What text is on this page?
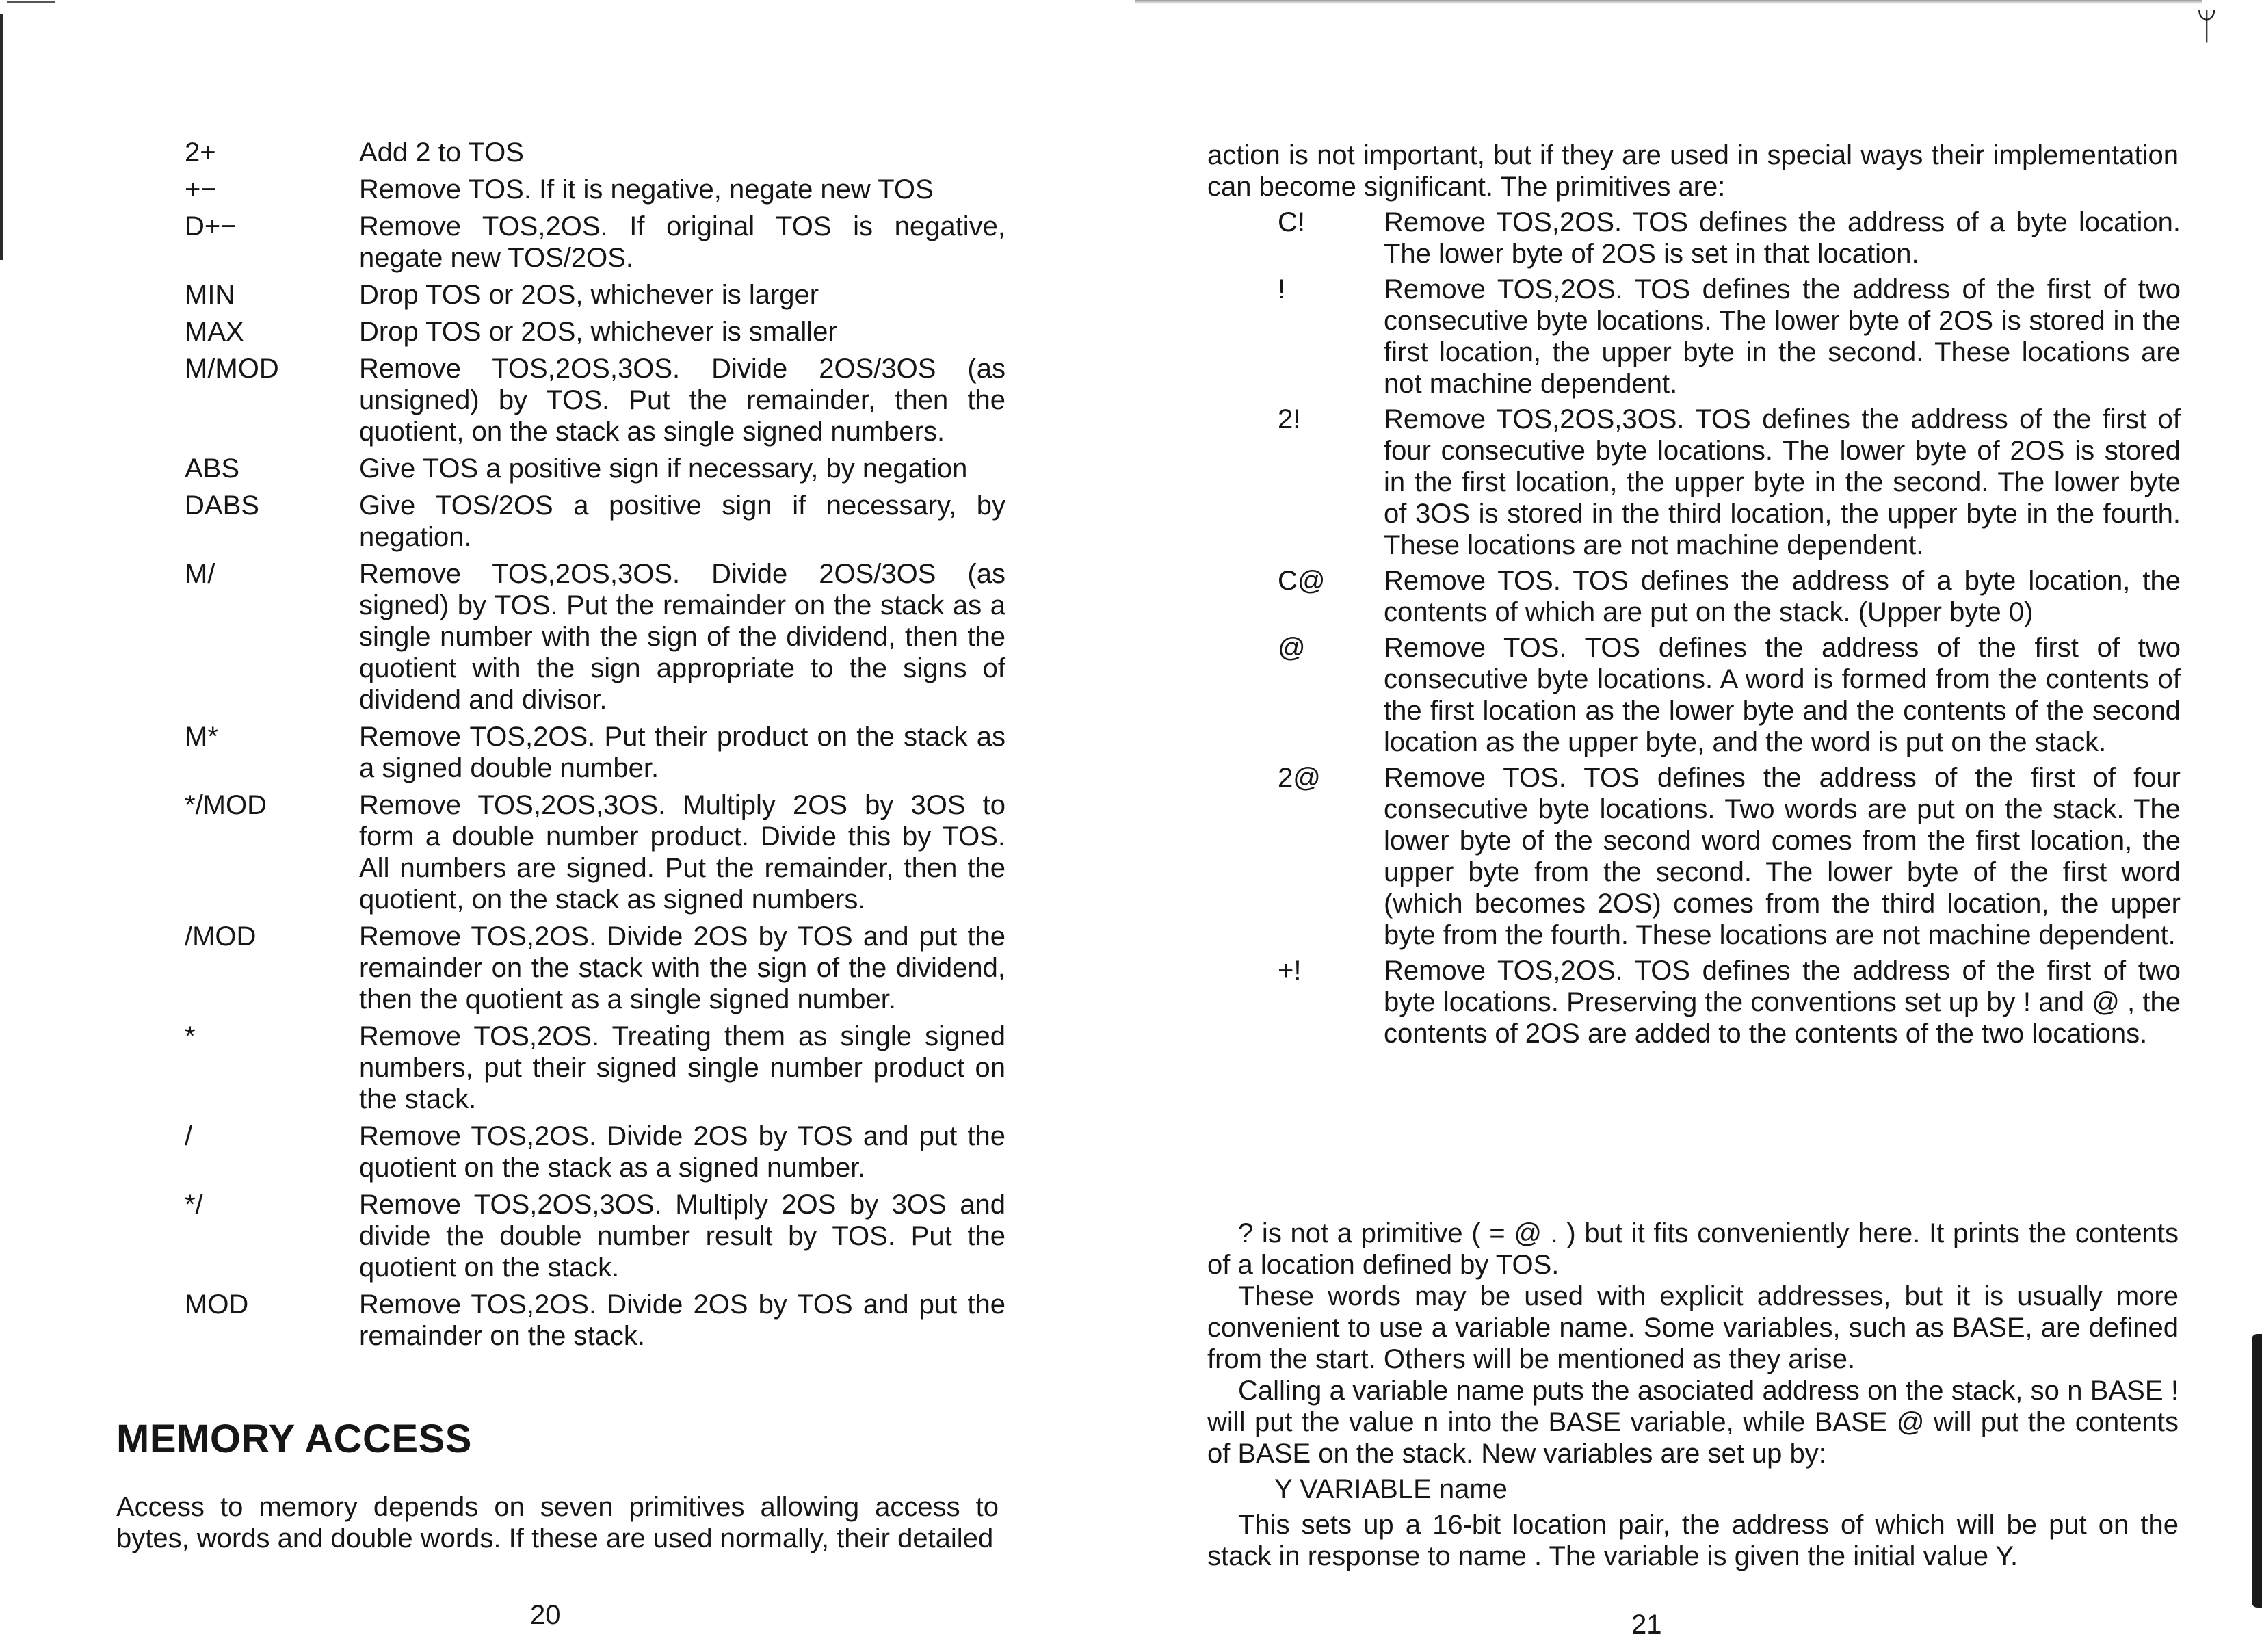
ᛘ
2+	Add 2 to TOS
+−	Remove TOS. If it is negative, negate new TOS
D+−	Remove TOS,2OS. If original TOS is negative, negate new TOS/2OS.
MIN	Drop TOS or 2OS, whichever is larger
MAX	Drop TOS or 2OS, whichever is smaller
M/MOD	Remove TOS,2OS,3OS. Divide 2OS/3OS (as unsigned) by TOS. Put the remainder, then the quotient, on the stack as single signed numbers.
ABS	Give TOS a positive sign if necessary, by negation
DABS	Give TOS/2OS a positive sign if necessary, by negation.
M/	Remove TOS,2OS,3OS. Divide 2OS/3OS (as signed) by TOS. Put the remainder on the stack as a single number with the sign of the dividend, then the quotient with the sign appropriate to the signs of dividend and divisor.
M*	Remove TOS,2OS. Put their product on the stack as a signed double number.
*/MOD	Remove TOS,2OS,3OS. Multiply 2OS by 3OS to form a double number product. Divide this by TOS. All numbers are signed. Put the remainder, then the quotient, on the stack as signed numbers.
/MOD	Remove TOS,2OS. Divide 2OS by TOS and put the remainder on the stack with the sign of the dividend, then the quotient as a single signed number.
*	Remove TOS,2OS. Treating them as single signed numbers, put their signed single number product on the stack.
/	Remove TOS,2OS. Divide 2OS by TOS and put the quotient on the stack as a signed number.
*/	Remove TOS,2OS,3OS. Multiply 2OS by 3OS and divide the double number result by TOS. Put the quotient on the stack.
MOD	Remove TOS,2OS. Divide 2OS by TOS and put the remainder on the stack.
MEMORY ACCESS

Access to memory depends on seven primitives allowing access to bytes, words and double words. If these are used normally, their detailed

20

action is not important, but if they are used in special ways their implementation can become significant. The primitives are:

C!	Remove TOS,2OS. TOS defines the address of a byte location. The lower byte of 2OS is set in that location.
!	Remove TOS,2OS. TOS defines the address of the first of two consecutive byte locations. The lower byte of 2OS is stored in the first location, the upper byte in the second. These locations are not machine dependent.
2!	Remove TOS,2OS,3OS. TOS defines the address of the first of four consecutive byte locations. The lower byte of 2OS is stored in the first location, the upper byte in the second. The lower byte of 3OS is stored in the third location, the upper byte in the fourth. These locations are not machine dependent.
C@	Remove TOS. TOS defines the address of a byte location, the contents of which are put on the stack. (Upper byte 0)
@	Remove TOS. TOS defines the address of the first of two consecutive byte locations. A word is formed from the contents of the first location as the lower byte and the contents of the second location as the upper byte, and the word is put on the stack.
2@	Remove TOS. TOS defines the address of the first of four consecutive byte locations. Two words are put on the stack. The lower byte of the second word comes from the first location, the upper byte from the second. The lower byte of the first word (which becomes 2OS) comes from the third location, the upper byte from the fourth. These locations are not machine dependent.
+!	Remove TOS,2OS. TOS defines the address of the first of two byte locations. Preserving the conventions set up by ! and @ , the contents of 2OS are added to the contents of the two locations.

? is not a primitive ( = @ . ) but it fits conveniently here. It prints the contents of a location defined by TOS.

These words may be used with explicit addresses, but it is usually more convenient to use a variable name. Some variables, such as BASE, are defined from the start. Others will be mentioned as they arise.

Calling a variable name puts the asociated address on the stack, so n BASE ! will put the value n into the BASE variable, while BASE @ will put the contents of BASE on the stack. New variables are set up by:

Y VARIABLE name

This sets up a 16-bit location pair, the address of which will be put on the stack in response to name . The variable is given the initial value Y.

21
